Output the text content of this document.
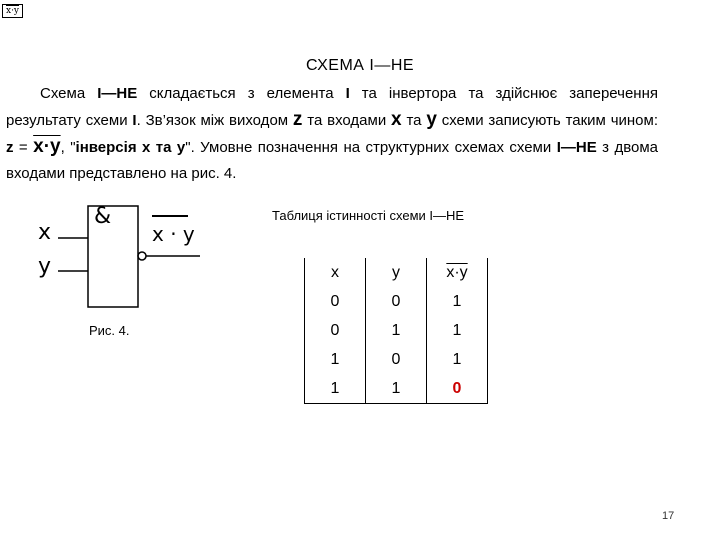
x·y
СХЕМА І—НЕ
Схема І—НЕ складається з елемента І та інвертора та здійснює заперечення результату схеми І. Зв’язок між виходом z та входами x та y схеми записують таким чином: z = x·y, "інверсія x та y". Умовне позначення на структурних схемах схеми І—НЕ з двома входами представлено на рис. 4.
x
y
&
x · y
Рис. 4.
Таблиця істинності схеми І—НЕ
x	y	x·y
0	0	1
0	1	1
1	0	1
1	1	0
17
